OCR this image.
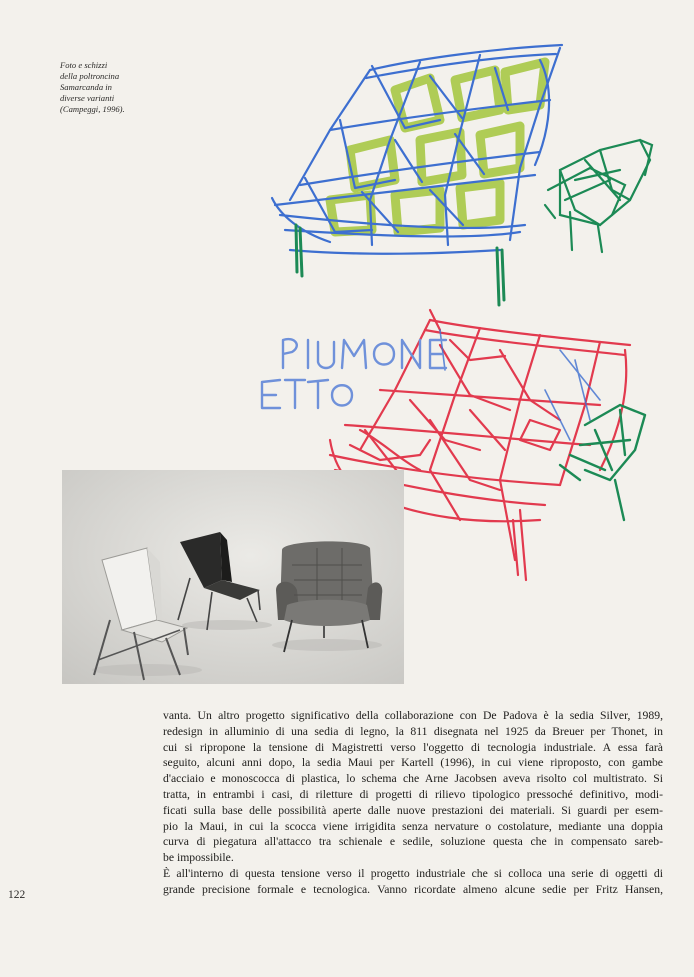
Foto e schizzi
della poltroncina
Samarcanda in
diverse varianti
(Campeggi, 1996).
vanta. Un altro progetto significativo della collaborazione con De Padova è la sedia Silver, 1989,
redesign in alluminio di una sedia di legno, la 811 disegnata nel 1925 da Breuer per Thonet, in
cui si ripropone la tensione di Magistretti verso l'oggetto di tecnologia industriale. A essa farà
seguito, alcuni anni dopo, la sedia Maui per Kartell (1996), in cui viene riproposto, con gambe
d'acciaio e monoscocca di plastica, lo schema che Arne Jacobsen aveva risolto col multistrato. Si
tratta, in entrambi i casi, di riletture di progetti di rilievo tipologico pressoché definitivo, modi-
ficati sulla base delle possibilità aperte dalle nuove prestazioni dei materiali. Si guardi per esem-
pio la Maui, in cui la scocca viene irrigidita senza nervature o costolature, mediante una doppia
curva di piegatura all'attacco tra schienale e sedile, soluzione questa che in compensato sareb-
be impossibile.
È all'interno di questa tensione verso il progetto industriale che si colloca una serie di oggetti di
grande precisione formale e tecnologica. Vanno ricordate almeno alcune sedie per Fritz Hansen,
122
